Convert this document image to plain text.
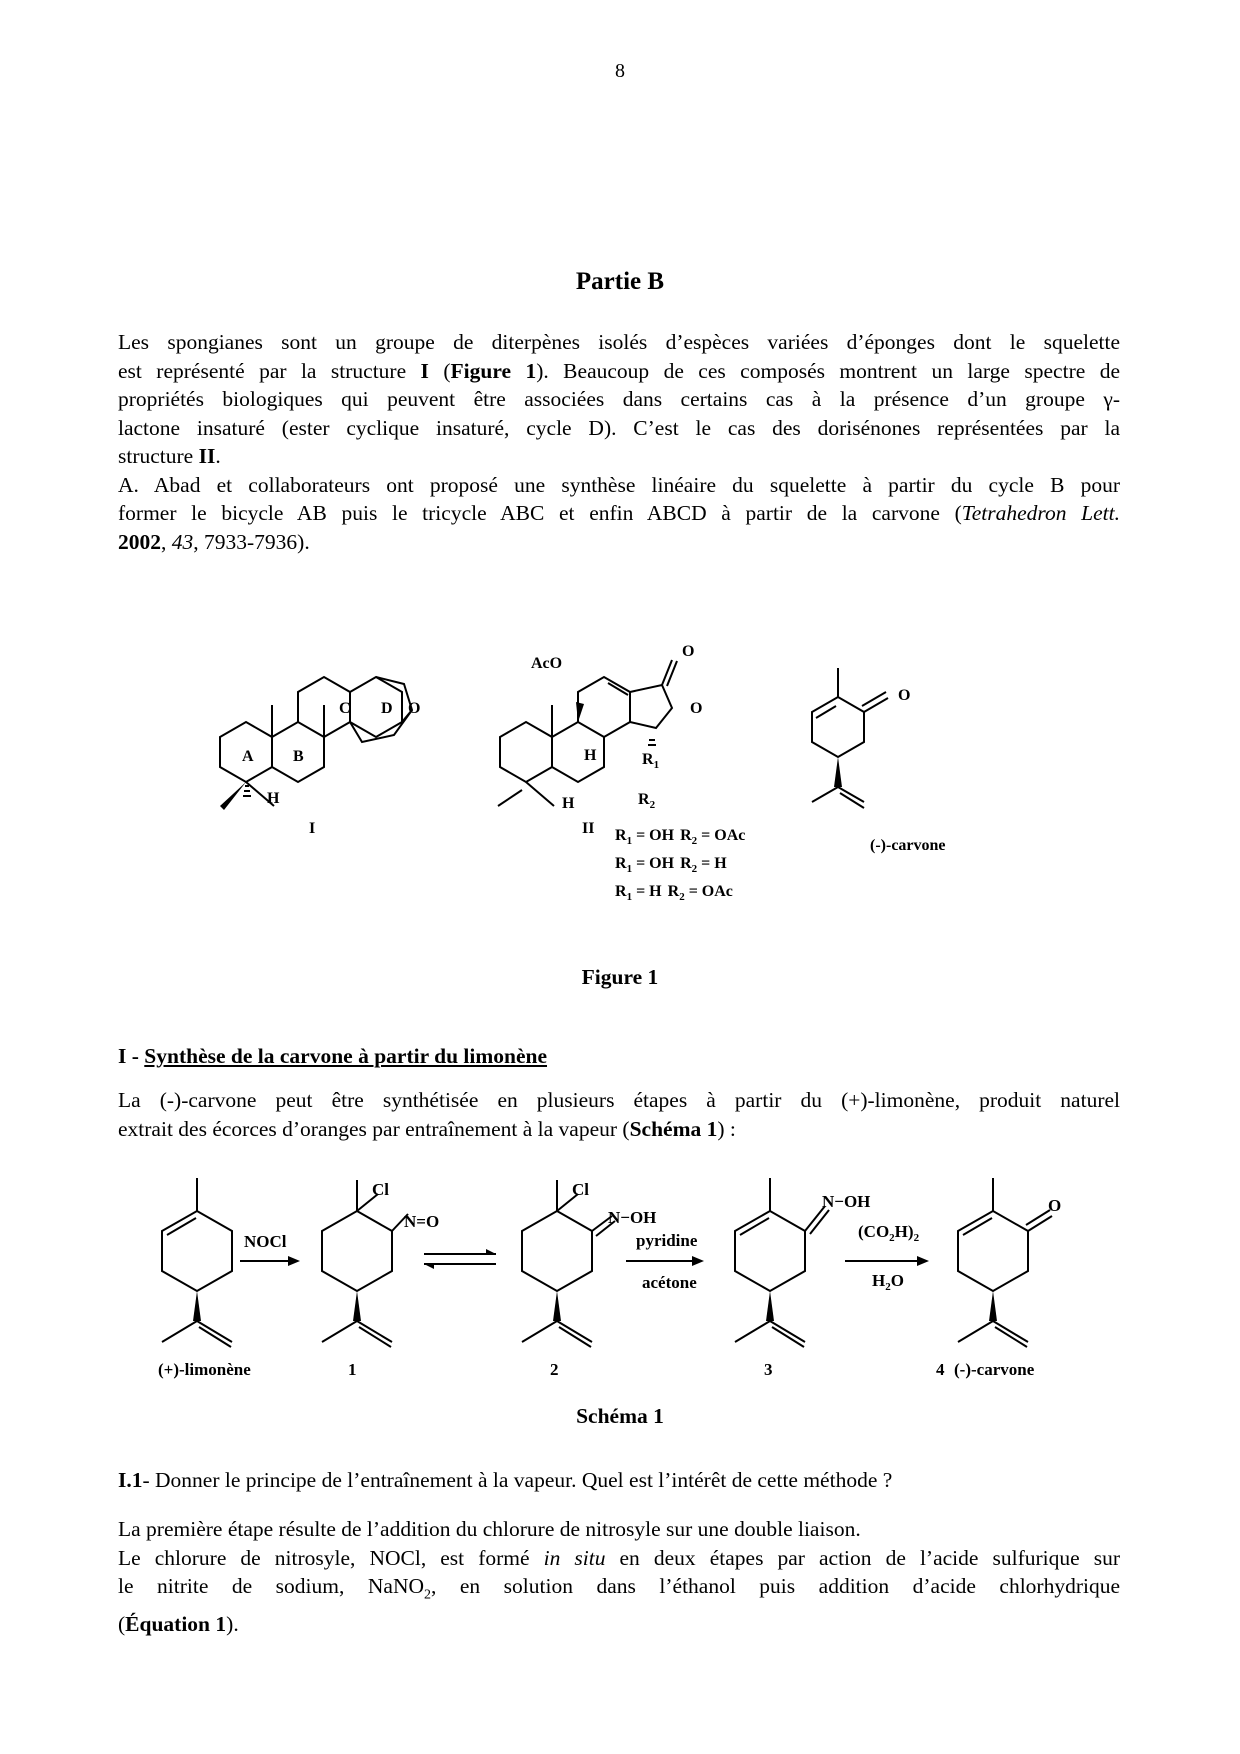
8
Partie B
Les spongianes sont un groupe de diterpènes isolés d’espèces variées d’éponges dont le squelette
est représenté par la structure I (Figure 1). Beaucoup de ces composés montrent un large spectre de
propriétés biologiques qui peuvent être associées dans certains cas à la présence d’un groupe γ-
lactone insaturé (ester cyclique insaturé, cycle D). C’est le cas des dorisénones représentées par la
structure II.
A. Abad et collaborateurs ont proposé une synthèse linéaire du squelette à partir du cycle B pour
former le bicycle AB puis le tricycle ABC et enfin ABCD à partir de la carvone (Tetrahedron Lett.
2002, 43, 7933-7936).
A B
C D O
H
I
AcO
O
O
H
H
$R_1$
$R_2$
II $R_1$ = OH $R_2$ = OAc
$R_1$ = OH $R_2 = H$
$R_1 = H$ $R_2$ = OAc
O
(-)-carvone
Figure 1
I - Synthèse de la carvone à partir du limonène
La (-)-carvone peut être synthétisée en plusieurs étapes à partir du (+)-limonène, produit naturel
extrait des écorces d’oranges par entraînement à la vapeur (Schéma 1) :
NOCl
Cl
N=O
Cl
N−OH
pyridine
acétone
N−OH
$(CO_2H)_2$
$H_2O$
O
(+)-limonène	1	2	3	4 (-)-carvone
Schéma 1
I.1- Donner le principe de l’entraînement à la vapeur. Quel est l’intérêt de cette méthode ?
La première étape résulte de l’addition du chlorure de nitrosyle sur une double liaison.
Le chlorure de nitrosyle, NOCl, est formé in situ en deux étapes par action de l’acide sulfurique sur
le nitrite de sodium, NaNO$_2$, en solution dans l’éthanol puis addition d’acide chlorhydrique
(Équation 1).
